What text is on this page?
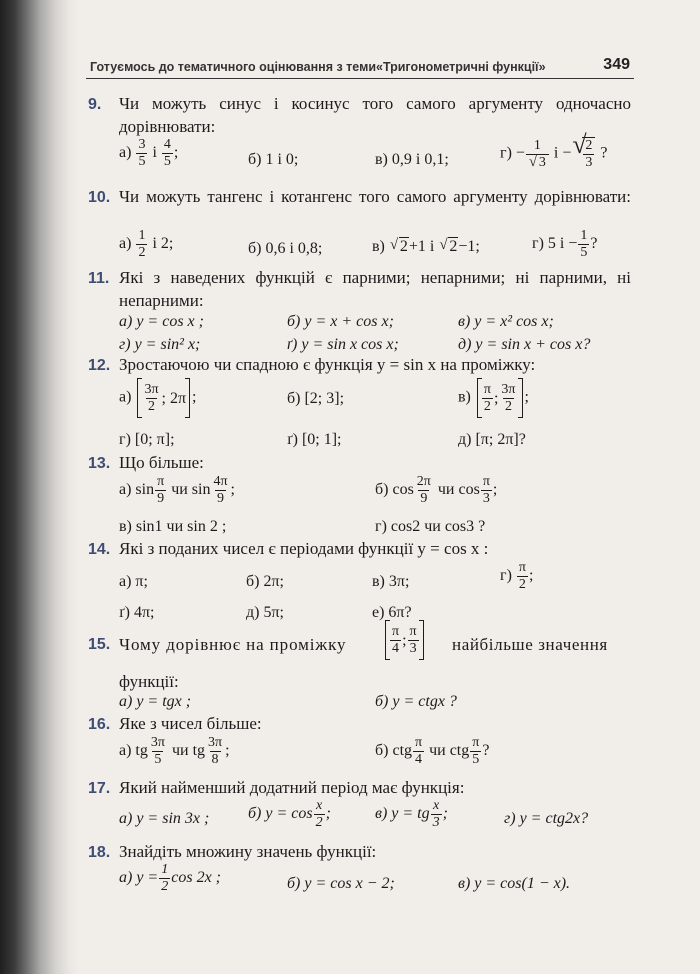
Готуємось до тематичного оцінювання з теми«Тригонометричні функції»	349
9. Чи можуть синус і косинус того самого аргументу одночасно дорівнювати:
$а) \frac{3}{5}$ і $\frac{4}{5}$ ;	б) 1 і 0;	в) 0,9 і 0,1;	$г) - \frac{1}{√ 3}$ і − √
$\frac{2}{3}$ ?
10. Чи можуть тангенс і котангенс того самого аргументу дорівнювати:
$а) \frac{1}{2}$ і 2;	б) 0,6 і 0,8;	в) √ 2+1 і √ 2−1;	г) 5 $і - \frac{1}{5}$ ?
11. Які з наведених функцій є парними; непарними; ні парними, ні непарними:
а) y = cos x ;	б) y = x + cos x;	в) y = x² cos x;
г) y = sin² x;	ґ) y = sin x cos x;	д) y = sin x + cos x?
12. Зростаючою чи спадною є функція y = sin x на проміжку:
$а) \frac{3\pi}{2}$ ; 2π ;	б) [2; 3];	$в) \frac{\pi}{2}$ ; $\frac{3\pi}{2}$ ;
г) [0; π];	ґ) [0; 1];	д) [π; 2π]?
13. Що більше:
а) $\sin \frac{\pi}{9}$ чи $\sin \frac{4\pi}{9}$ ;	б) $\cos \frac{2\pi}{9}$ чи $\cos \frac{\pi}{3}$ ;
в) sin1 чи sin 2 ;	г) cos2 чи cos3 ?
14. Які з поданих чисел є періодами функції y = cos x :
а) π;	б) 2π;	в) 3π;	$г) \frac{\pi}{2}$ ;
ґ) 4π;	д) 5π;	е) 6π?
15. Чому дорівнює на проміжку	$\frac{\pi}{4}$ ; $\frac{\pi}{3}$ найбільше значення
функції:
а) y = tgx ;	б) y = ctgx ?
16. Яке з чисел більше:
а) tg $\frac{3\pi}{5}$ чи tg $\frac{3\pi}{8}$ ;	б) ctg $\frac{\pi}{4}$ чи ctg $\frac{\pi}{5}$ ?
17. Який найменший додатний період має функція:
а) y = sin 3x ; б) $y = \cos \frac{x}{2}$ ;	в) y = tg $\frac{x}{3}$ ;	г) y = ctg2x?
18. Знайдіть множину значень функції:
а) $y = \frac{1}{2}$ cos 2x ;	б) y = cos x − 2;	в) y = cos(1 − x).
